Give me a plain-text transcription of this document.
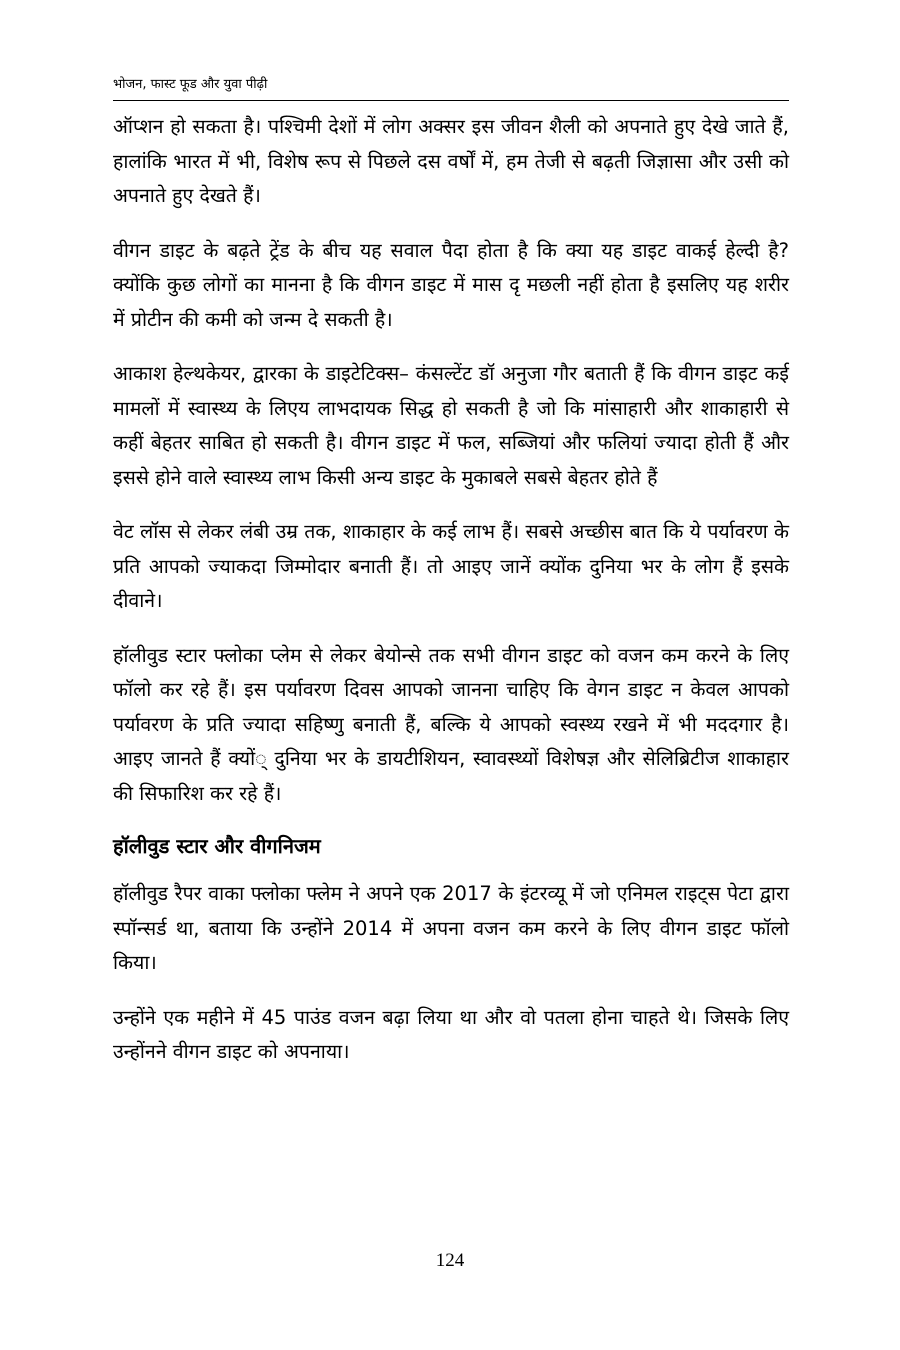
भोजन, फास्ट फूड और युवा पीढ़ी

ऑप्शन हो सकता है। पश्चिमी देशों में लोग अक्सर इस जीवन शैली को अपनाते हुए देखे जाते हैं, हालांकि भारत में भी, विशेष रूप से पिछले दस वर्षों में, हम तेजी से बढ़ती जिज्ञासा और उसी को अपनाते हुए देखते हैं।

वीगन डाइट के बढ़ते ट्रेंड के बीच यह सवाल पैदा होता है कि क्या यह डाइट वाकई हेल्दी है? क्योंकि कुछ लोगों का मानना है कि वीगन डाइट में मास दृ मछली नहीं होता है इसलिए यह शरीर में प्रोटीन की कमी को जन्म दे सकती है।

आकाश हेल्थकेयर, द्वारका के डाइटेटिक्स– कंसल्टेंट डॉ अनुजा गौर बताती हैं कि वीगन डाइट कई मामलों में स्वास्थ्य के लिएय लाभदायक सिद्ध हो सकती है जो कि मांसाहारी और शाकाहारी से कहीं बेहतर साबित हो सकती है। वीगन डाइट में फल, सब्जियां और फलियां ज्यादा होती हैं और इससे होने वाले स्वास्थ्य लाभ किसी अन्य डाइट के मुकाबले सबसे बेहतर होते हैं

वेट लॉस से लेकर लंबी उम्र तक, शाकाहार के कई लाभ हैं। सबसे अच्छीस बात कि ये पर्यावरण के प्रति आपको ज्याकदा जिम्मोदार बनाती हैं। तो आइए जानें क्योंक दुनिया भर के लोग हैं इसके दीवाने।

हॉलीवुड स्टार फ्लोका प्लेम से लेकर बेयोन्से तक सभी वीगन डाइट को वजन कम करने के लिए फॉलो कर रहे हैं। इस पर्यावरण दिवस आपको जानना चाहिए कि वेगन डाइट न केवल आपको पर्यावरण के प्रति ज्यादा सहिष्णु बनाती हैं, बल्कि ये आपको स्वस्थ्य रखने में भी मददगार है। आइए जानते हैं क्यों् दुनिया भर के डायटीशियन, स्वावस्थ्यों विशेषज्ञ और सेलिब्रिटीज शाकाहार की सिफारिश कर रहे हैं।

हॉलीवुड स्टार और वीगनिजम

हॉलीवुड रैपर वाका फ्लोका फ्लेम ने अपने एक 2017 के इंटरव्यू में जो एनिमल राइट्स पेटा द्वारा स्पॉन्सर्ड था, बताया कि उन्होंने 2014 में अपना वजन कम करने के लिए वीगन डाइट फॉलो किया।

उन्होंने एक महीने में 45 पाउंड वजन बढ़ा लिया था और वो पतला होना चाहते थे। जिसके लिए उन्होंनने वीगन डाइट को अपनाया।

124
